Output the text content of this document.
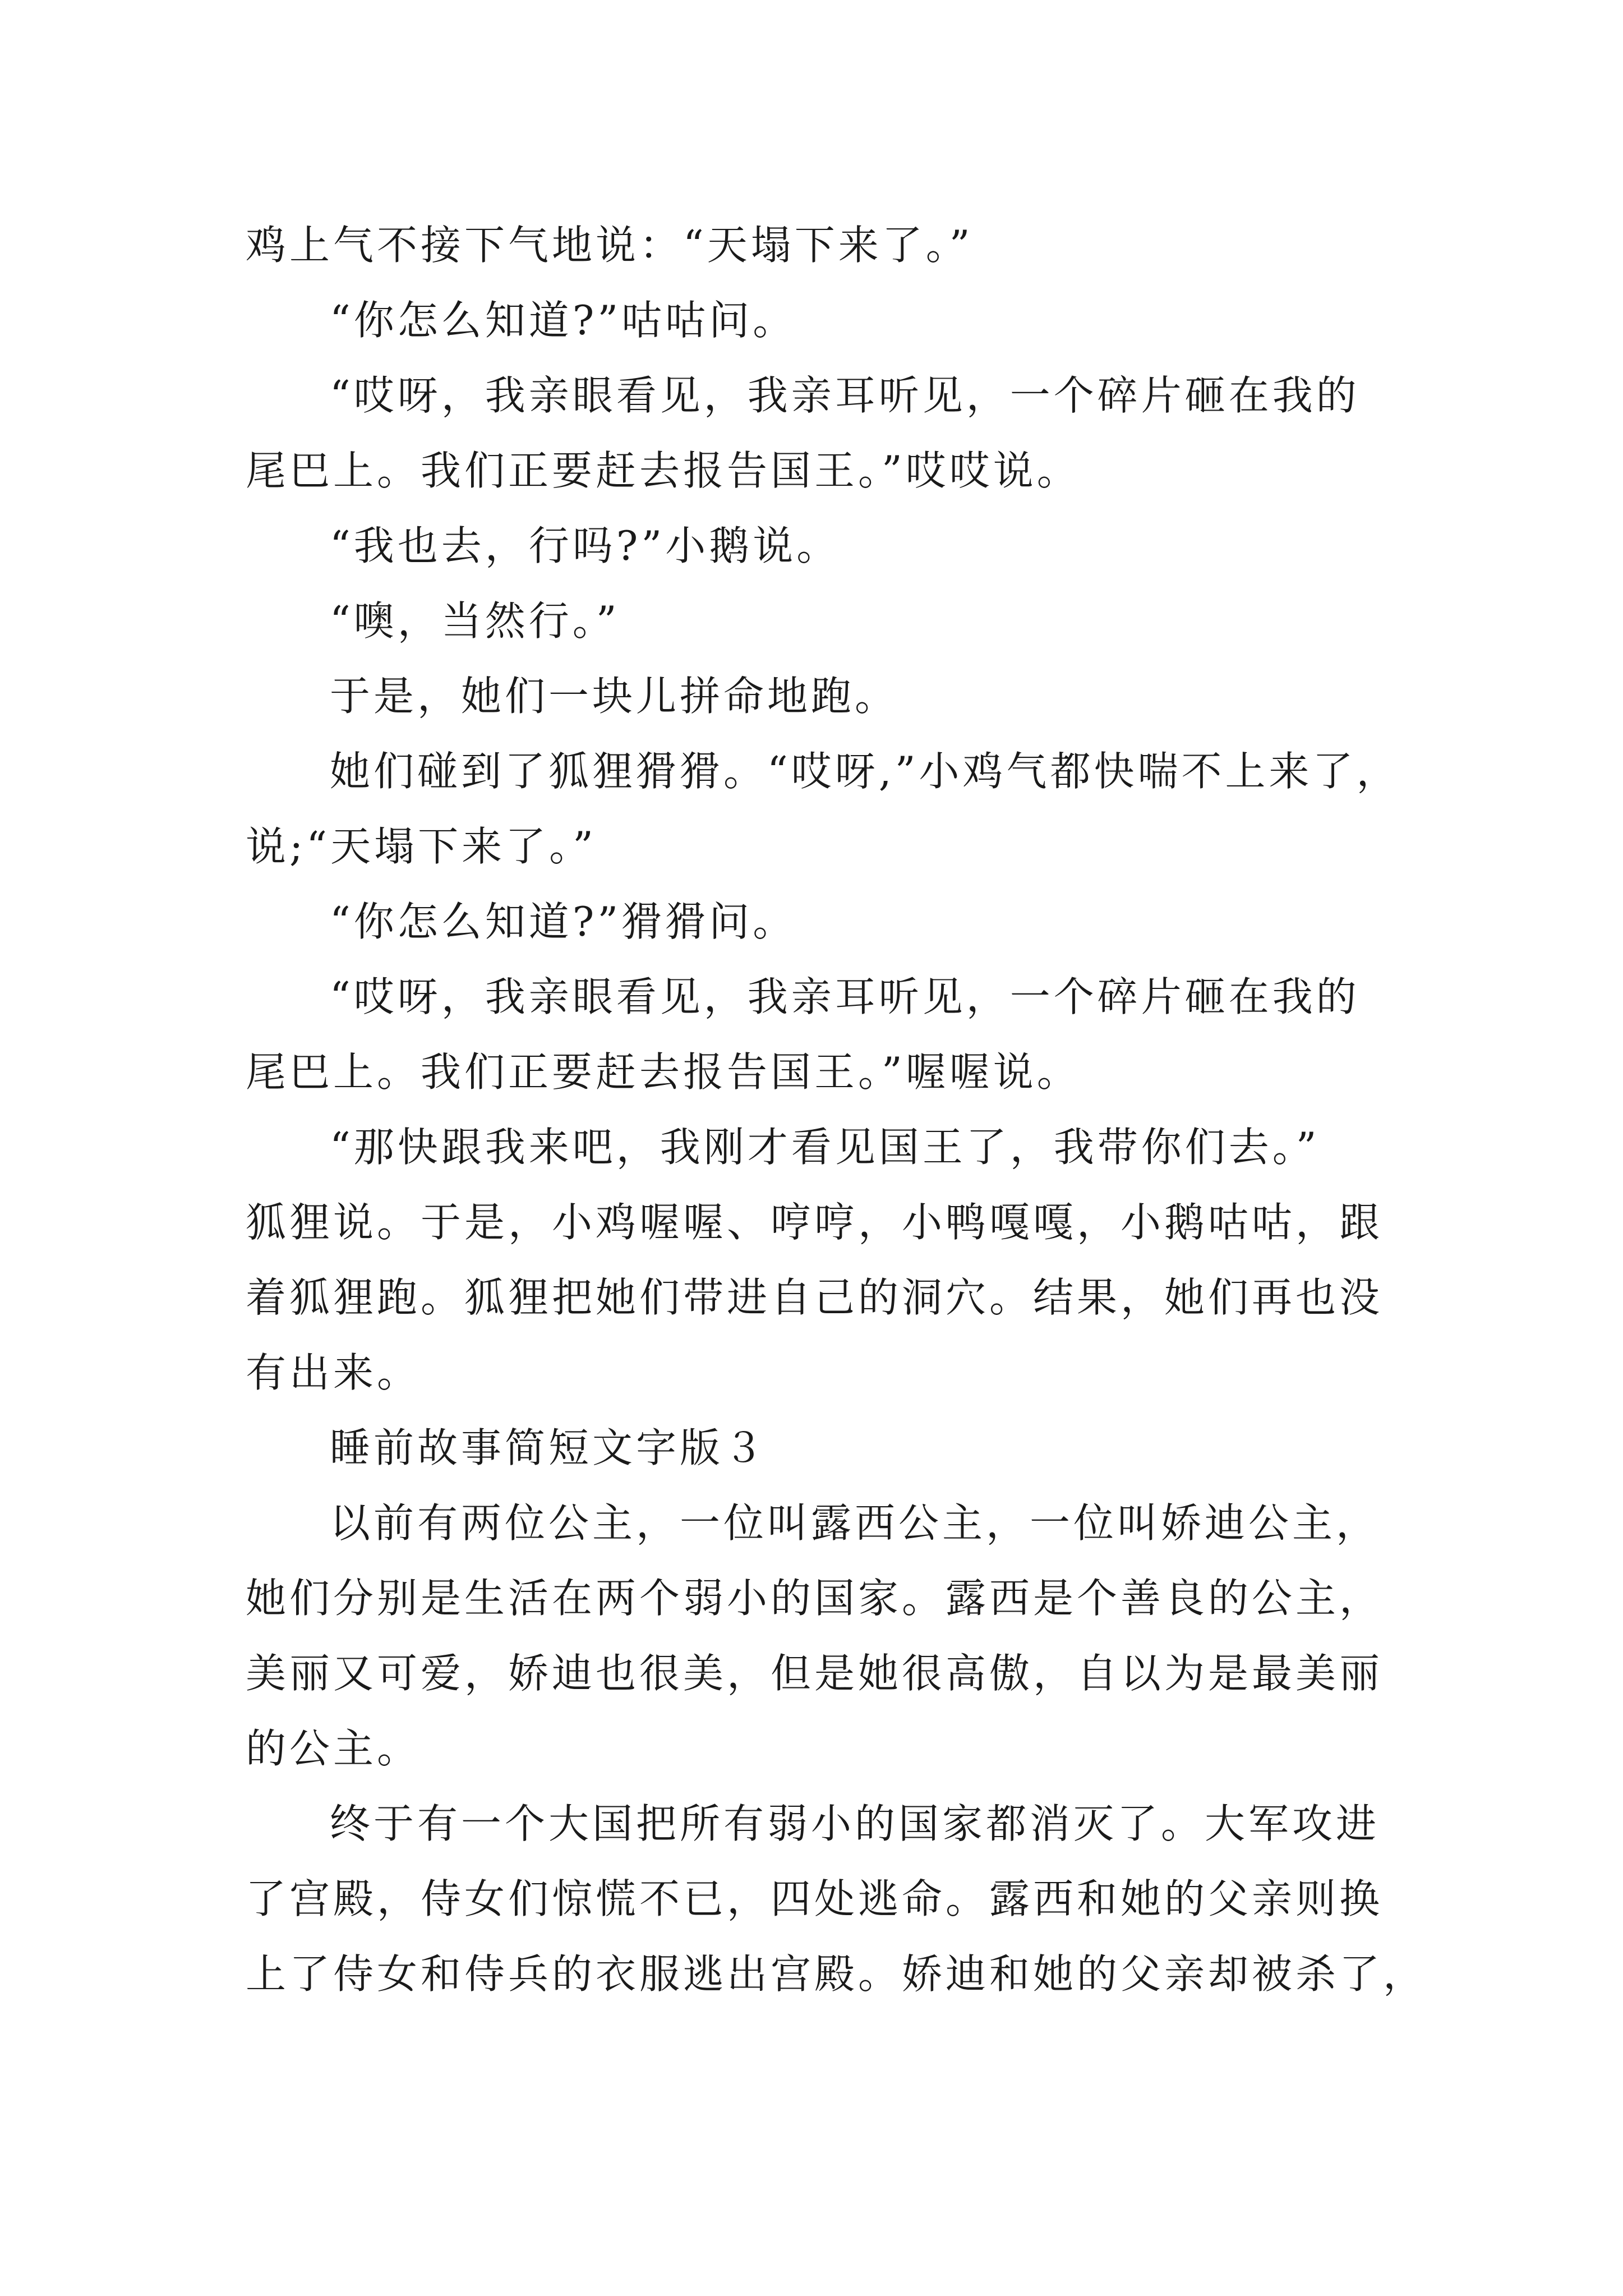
鸡上气不接下气地说：“天塌下来了。”
“你怎么知道?”咕咕问。
“哎呀，我亲眼看见，我亲耳听见，一个碎片砸在我的
尾巴上。我们正要赶去报告国王。”哎哎说。
“我也去，行吗?”小鹅说。
“噢，当然行。”
于是，她们一块儿拼命地跑。
她们碰到了狐狸猾猾。“哎呀,”小鸡气都快喘不上来了，
说;“天塌下来了。”
“你怎么知道?”猾猾问。
“哎呀，我亲眼看见，我亲耳听见，一个碎片砸在我的
尾巴上。我们正要赶去报告国王。”喔喔说。
“那快跟我来吧，我刚才看见国王了，我带你们去。”
狐狸说。于是，小鸡喔喔、哼哼，小鸭嘎嘎，小鹅咕咕，跟
着狐狸跑。狐狸把她们带进自己的洞穴。结果，她们再也没
有出来。
睡前故事简短文字版３
以前有两位公主，一位叫露西公主，一位叫娇迪公主，
她们分别是生活在两个弱小的国家。露西是个善良的公主，
美丽又可爱，娇迪也很美，但是她很高傲，自以为是最美丽
的公主。
终于有一个大国把所有弱小的国家都消灭了。大军攻进
了宫殿，侍女们惊慌不已，四处逃命。露西和她的父亲则换
上了侍女和侍兵的衣服逃出宫殿。娇迪和她的父亲却被杀了，
